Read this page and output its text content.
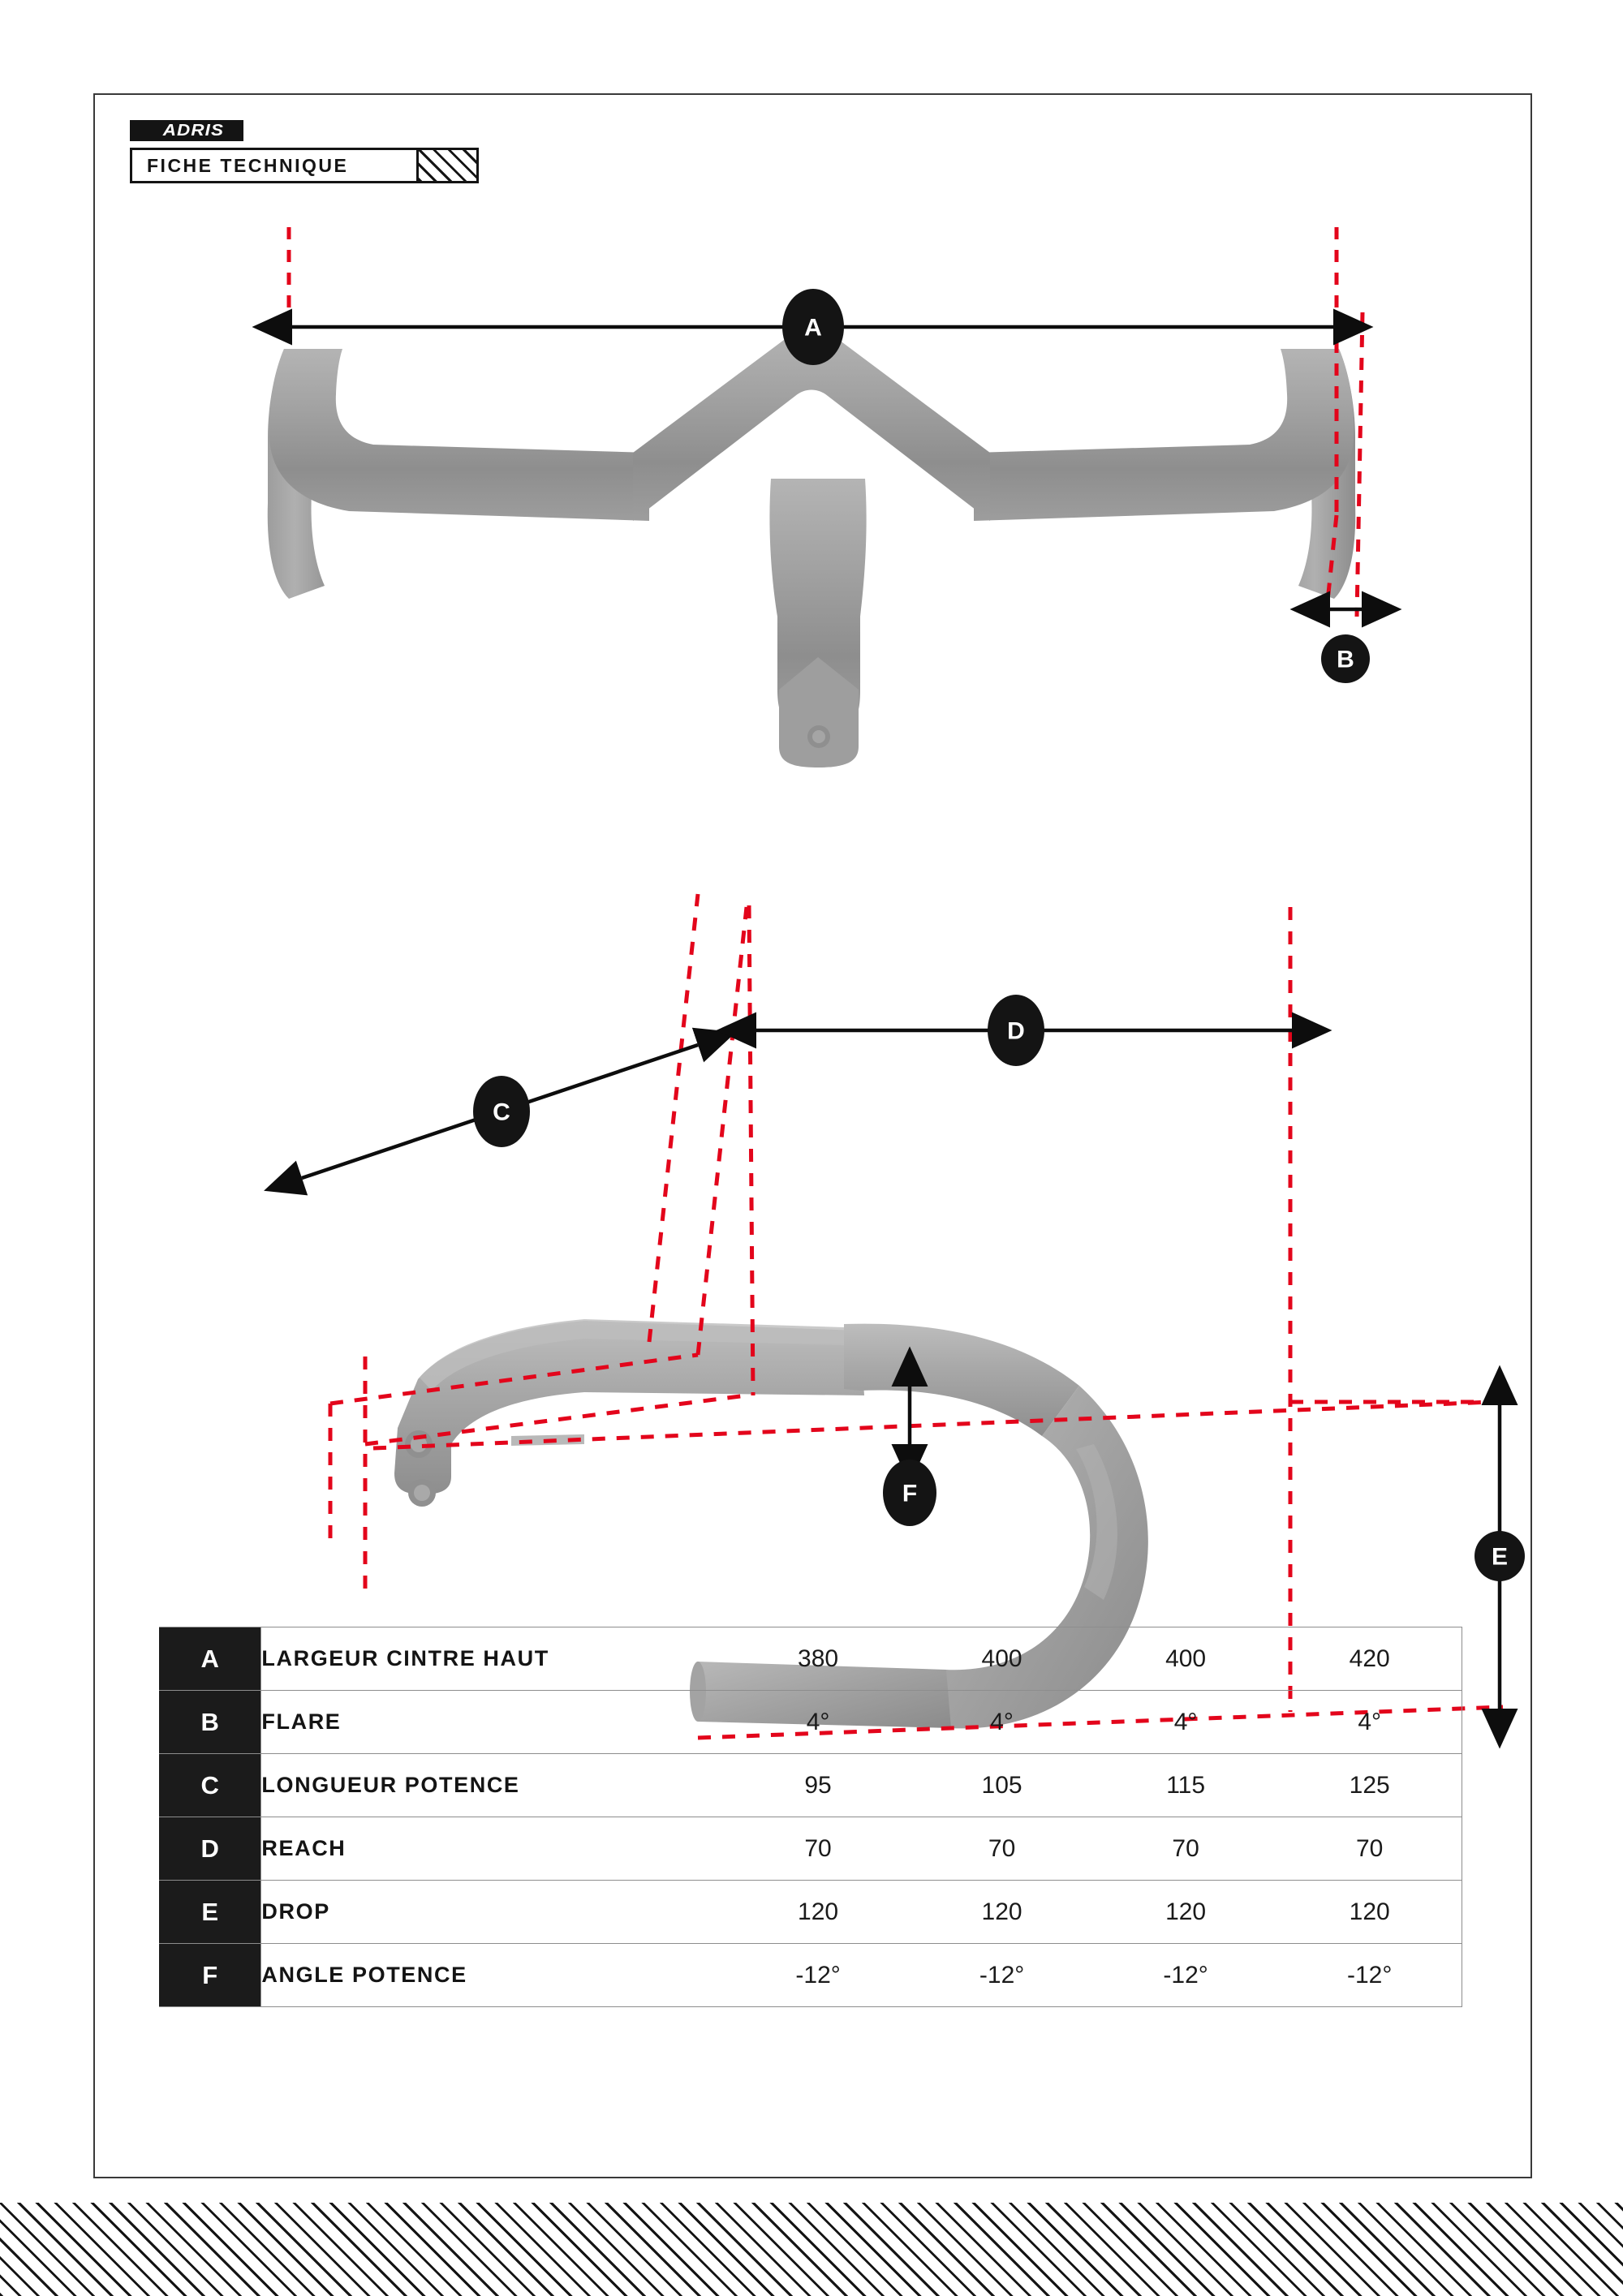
ADRIS
FICHE TECHNIQUE
A
B
C
D
E
F
A	LARGEUR CINTRE HAUT	380	400	400	420
B	FLARE	4°	4°	4°	4°
C	LONGUEUR POTENCE	95	105	115	125
D	REACH	70	70	70	70
E	DROP	120	120	120	120
F	ANGLE POTENCE	-12°	-12°	-12°	-12°
